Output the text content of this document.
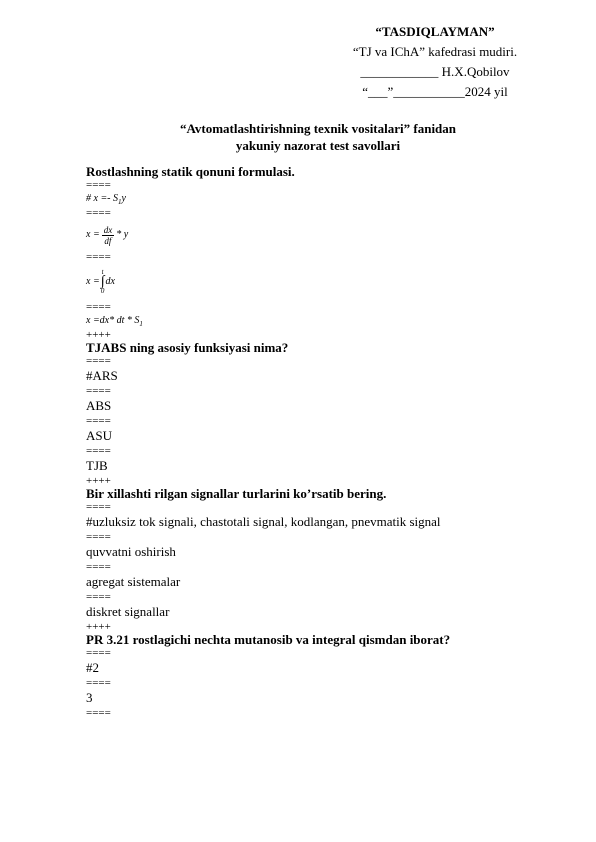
“TASDIQLAYMAN”
“TJ va IChA” kafedrasi mudiri.
____________ H.X.Qobilov
“___”___________2024 yil
“Avtomatlashtirishning texnik vositalari” fanidan
yakuniy nazorat test savollari
Rostlashning statik qonuni formulasi.
====
# $x =- S_1y$
====
$x = \frac{dx}{df} * y$
====
x =
t
∫
0
dx
====
x =dx* dt * $S_1$
++++
TJABS ning asosiy funksiyasi nima?
====
#ARS
====
ABS
====
ASU
====
TJB
++++
Bir xillashti rilgan signallar turlarini ko’rsatib bering.
====
#uzluksiz tok signali, chastotali signal, kodlangan, pnevmatik signal
====
quvvatni oshirish
====
agregat sistemalar
====
diskret signallar
++++
PR 3.21 rostlagichi nechta mutanosib va integral qismdan iborat?
====
#2
====
3
====
